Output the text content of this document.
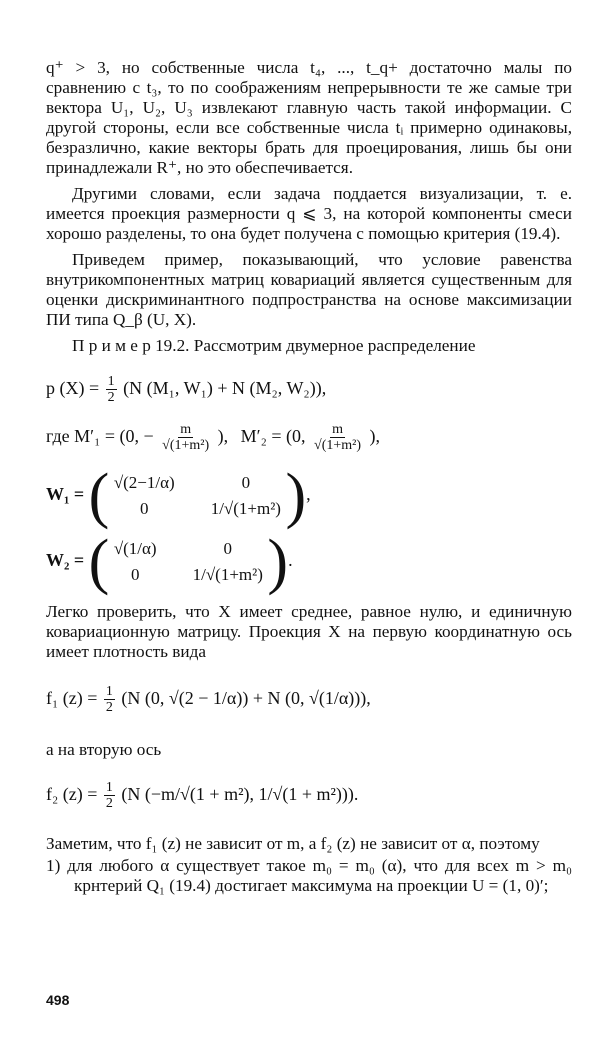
q⁺ > 3, но собственные числа t₄, ..., t_q+ достаточно малы по сравнению с t₃, то по соображениям непрерывности те же самые три вектора U₁, U₂, U₃ извлекают главную часть такой информации. С другой стороны, если все собственные числа tᵢ примерно одинаковы, безразлично, какие векторы брать для проецирования, лишь бы они принадлежали R⁺, но это обеспечивается.

Другими словами, если задача поддается визуализации, т. е. имеется проекция размерности q ⩽ 3, на которой компоненты смеси хорошо разделены, то она будет получена с помощью критерия (19.4).

Приведем пример, показывающий, что условие равенства внутрикомпонентных матриц ковариаций является существенным для оценки дискриминантного подпространства на основе максимизации ПИ типа Q_β (U, X).

П р и м е р 19.2. Рассмотрим двумерное распределение

p $(X) = \frac{1}{2} (N$ (M₁, W₁) + N (M₂, W₂)),
где M′₁ = (0, − $\frac{m}{\text{√(1+m²)}}$ ), M′₂ = (0, $\frac{m}{\text{√(1+m²)}}$ ),
W₁ = ( √(2−1/α)	0
0	1/√(1+m²) ),
W₂ = ( √(1/α)	0
0	1/√(1+m²) ).

Легко проверить, что X имеет среднее, равное нулю, и единичную ковариационную матрицу. Проекция X на первую координатную ось имеет плотность вида

f₁ $(z) = \frac{1}{2} (N$ (0, √(2 − 1/α)) + N (0, √(1/α))),

а на вторую ось

f₂ $(z) = \frac{1}{2} (N$ (−m/√(1 + m²), 1/√(1 + m²))).

Заметим, что f₁ (z) не зависит от m, а f₂ (z) не зависит от α, поэтому

1) для любого α существует такое m₀ = m₀ (α), что для всех m > m₀ крнтерий Q₁ (19.4) достигает максимума на проекции U = (1, 0)′;

498
